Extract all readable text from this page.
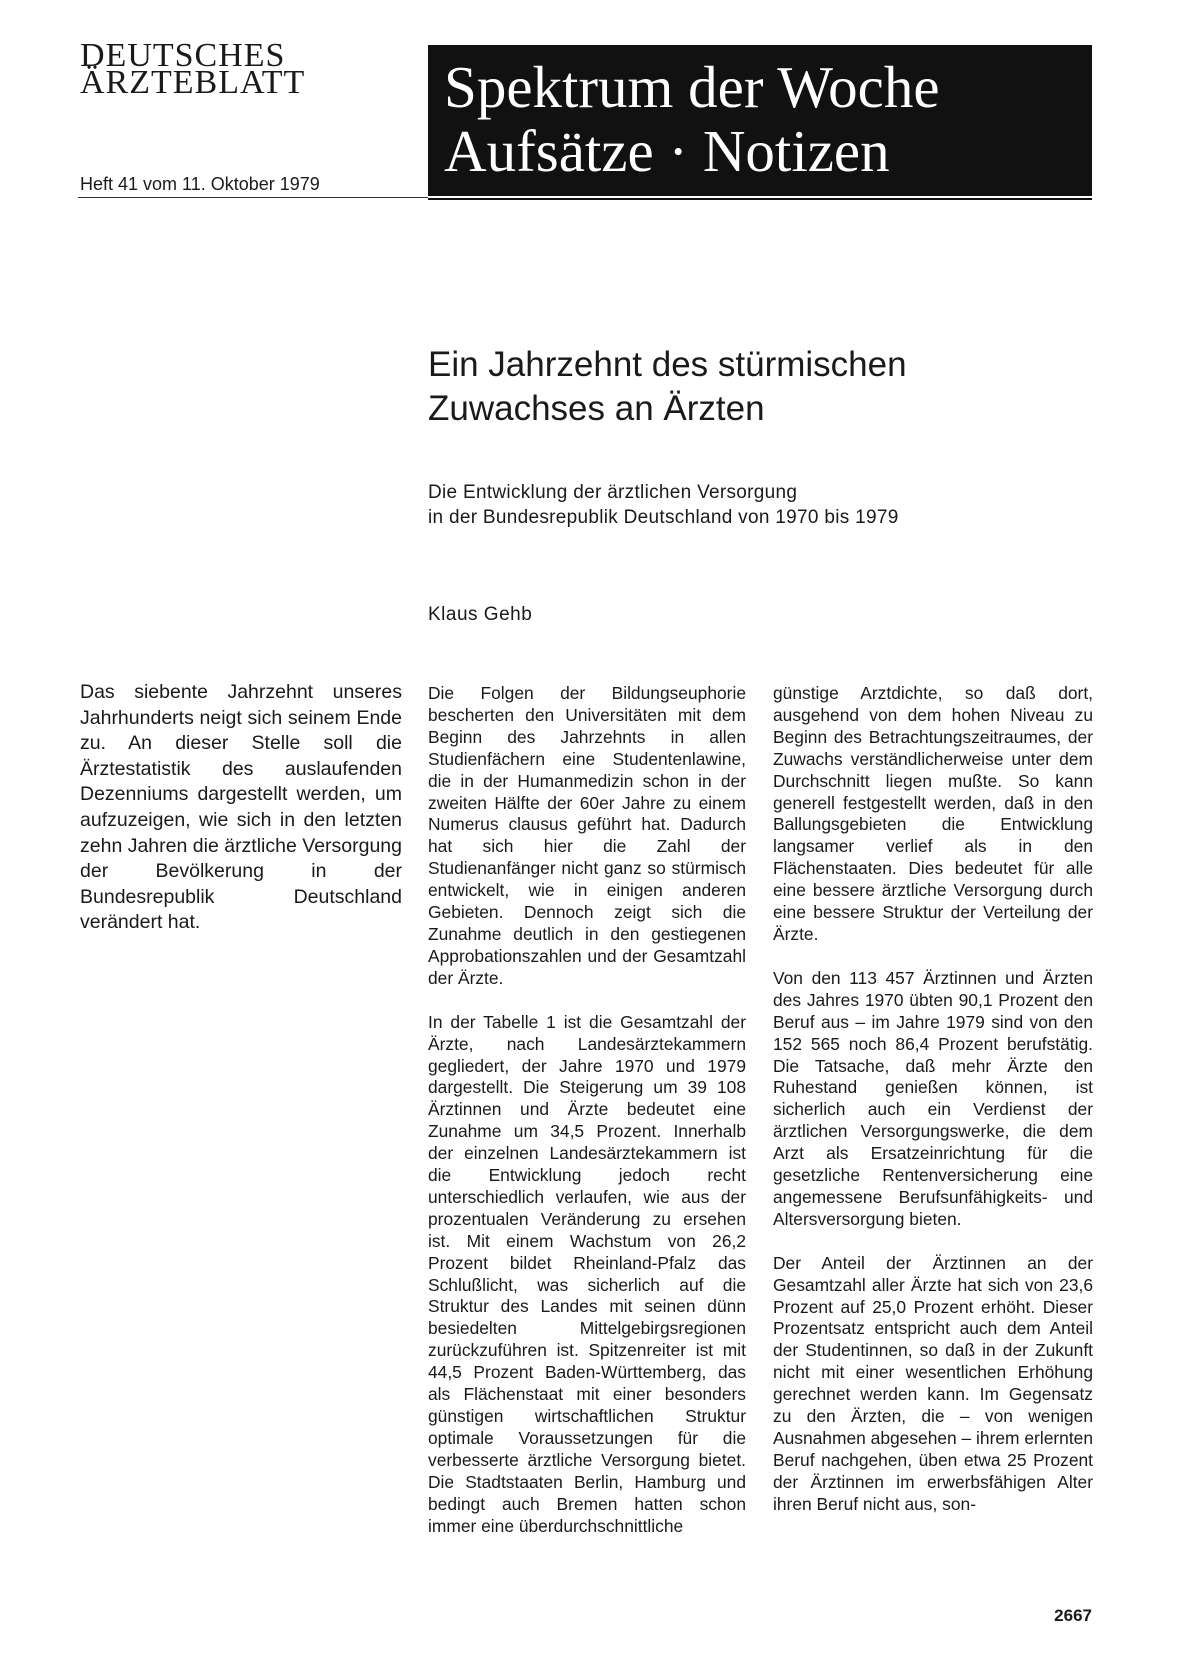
DEUTSCHES
ÄRZTEBLATT

Heft 41 vom 11. Oktober 1979

Spektrum der Woche
Aufsätze · Notizen
Ein Jahrzehnt des stürmischen
Zuwachses an Ärzten

Die Entwicklung der ärztlichen Versorgung
in der Bundesrepublik Deutschland von 1970 bis 1979

Klaus Gehb

Das siebente Jahrzehnt unseres Jahrhunderts neigt sich seinem Ende zu. An dieser Stelle soll die Ärztestatistik des auslaufenden Dezenniums dargestellt werden, um aufzuzeigen, wie sich in den letzten zehn Jahren die ärztliche Versorgung der Bevölkerung in der Bundesrepublik Deutschland verändert hat.

Die Folgen der Bildungseuphorie bescherten den Universitäten mit dem Beginn des Jahrzehnts in allen Studienfächern eine Studentenlawine, die in der Humanmedizin schon in der zweiten Hälfte der 60er Jahre zu einem Numerus clausus geführt hat. Dadurch hat sich hier die Zahl der Studienanfänger nicht ganz so stürmisch entwickelt, wie in einigen anderen Gebieten. Dennoch zeigt sich die Zunahme deutlich in den gestiegenen Approbationszahlen und der Gesamtzahl der Ärzte.

In der Tabelle 1 ist die Gesamtzahl der Ärzte, nach Landesärztekammern gegliedert, der Jahre 1970 und 1979 dargestellt. Die Steigerung um 39 108 Ärztinnen und Ärzte bedeutet eine Zunahme um 34,5 Prozent. Innerhalb der einzelnen Landesärztekammern ist die Entwicklung jedoch recht unterschiedlich verlaufen, wie aus der prozentualen Veränderung zu ersehen ist. Mit einem Wachstum von 26,2 Prozent bildet Rheinland-Pfalz das Schlußlicht, was sicherlich auf die Struktur des Landes mit seinen dünn besiedelten Mittelgebirgsregionen zurückzuführen ist. Spitzenreiter ist mit 44,5 Prozent Baden-Württemberg, das als Flächenstaat mit einer besonders günstigen wirtschaftlichen Struktur optimale Voraussetzungen für die verbesserte ärztliche Versorgung bietet. Die Stadtstaaten Berlin, Hamburg und bedingt auch Bremen hatten schon immer eine überdurchschnittliche

günstige Arztdichte, so daß dort, ausgehend von dem hohen Niveau zu Beginn des Betrachtungszeitraumes, der Zuwachs verständlicherweise unter dem Durchschnitt liegen mußte. So kann generell festgestellt werden, daß in den Ballungsgebieten die Entwicklung langsamer verlief als in den Flächenstaaten. Dies bedeutet für alle eine bessere ärztliche Versorgung durch eine bessere Struktur der Verteilung der Ärzte.

Von den 113 457 Ärztinnen und Ärzten des Jahres 1970 übten 90,1 Prozent den Beruf aus – im Jahre 1979 sind von den 152 565 noch 86,4 Prozent berufstätig. Die Tatsache, daß mehr Ärzte den Ruhestand genießen können, ist sicherlich auch ein Verdienst der ärztlichen Versorgungswerke, die dem Arzt als Ersatzeinrichtung für die gesetzliche Rentenversicherung eine angemessene Berufsunfähigkeits- und Altersversorgung bieten.

Der Anteil der Ärztinnen an der Gesamtzahl aller Ärzte hat sich von 23,6 Prozent auf 25,0 Prozent erhöht. Dieser Prozentsatz entspricht auch dem Anteil der Studentinnen, so daß in der Zukunft nicht mit einer wesentlichen Erhöhung gerechnet werden kann. Im Gegensatz zu den Ärzten, die – von wenigen Ausnahmen abgesehen – ihrem erlernten Beruf nachgehen, üben etwa 25 Prozent der Ärztinnen im erwerbsfähigen Alter ihren Beruf nicht aus, son-

2667
